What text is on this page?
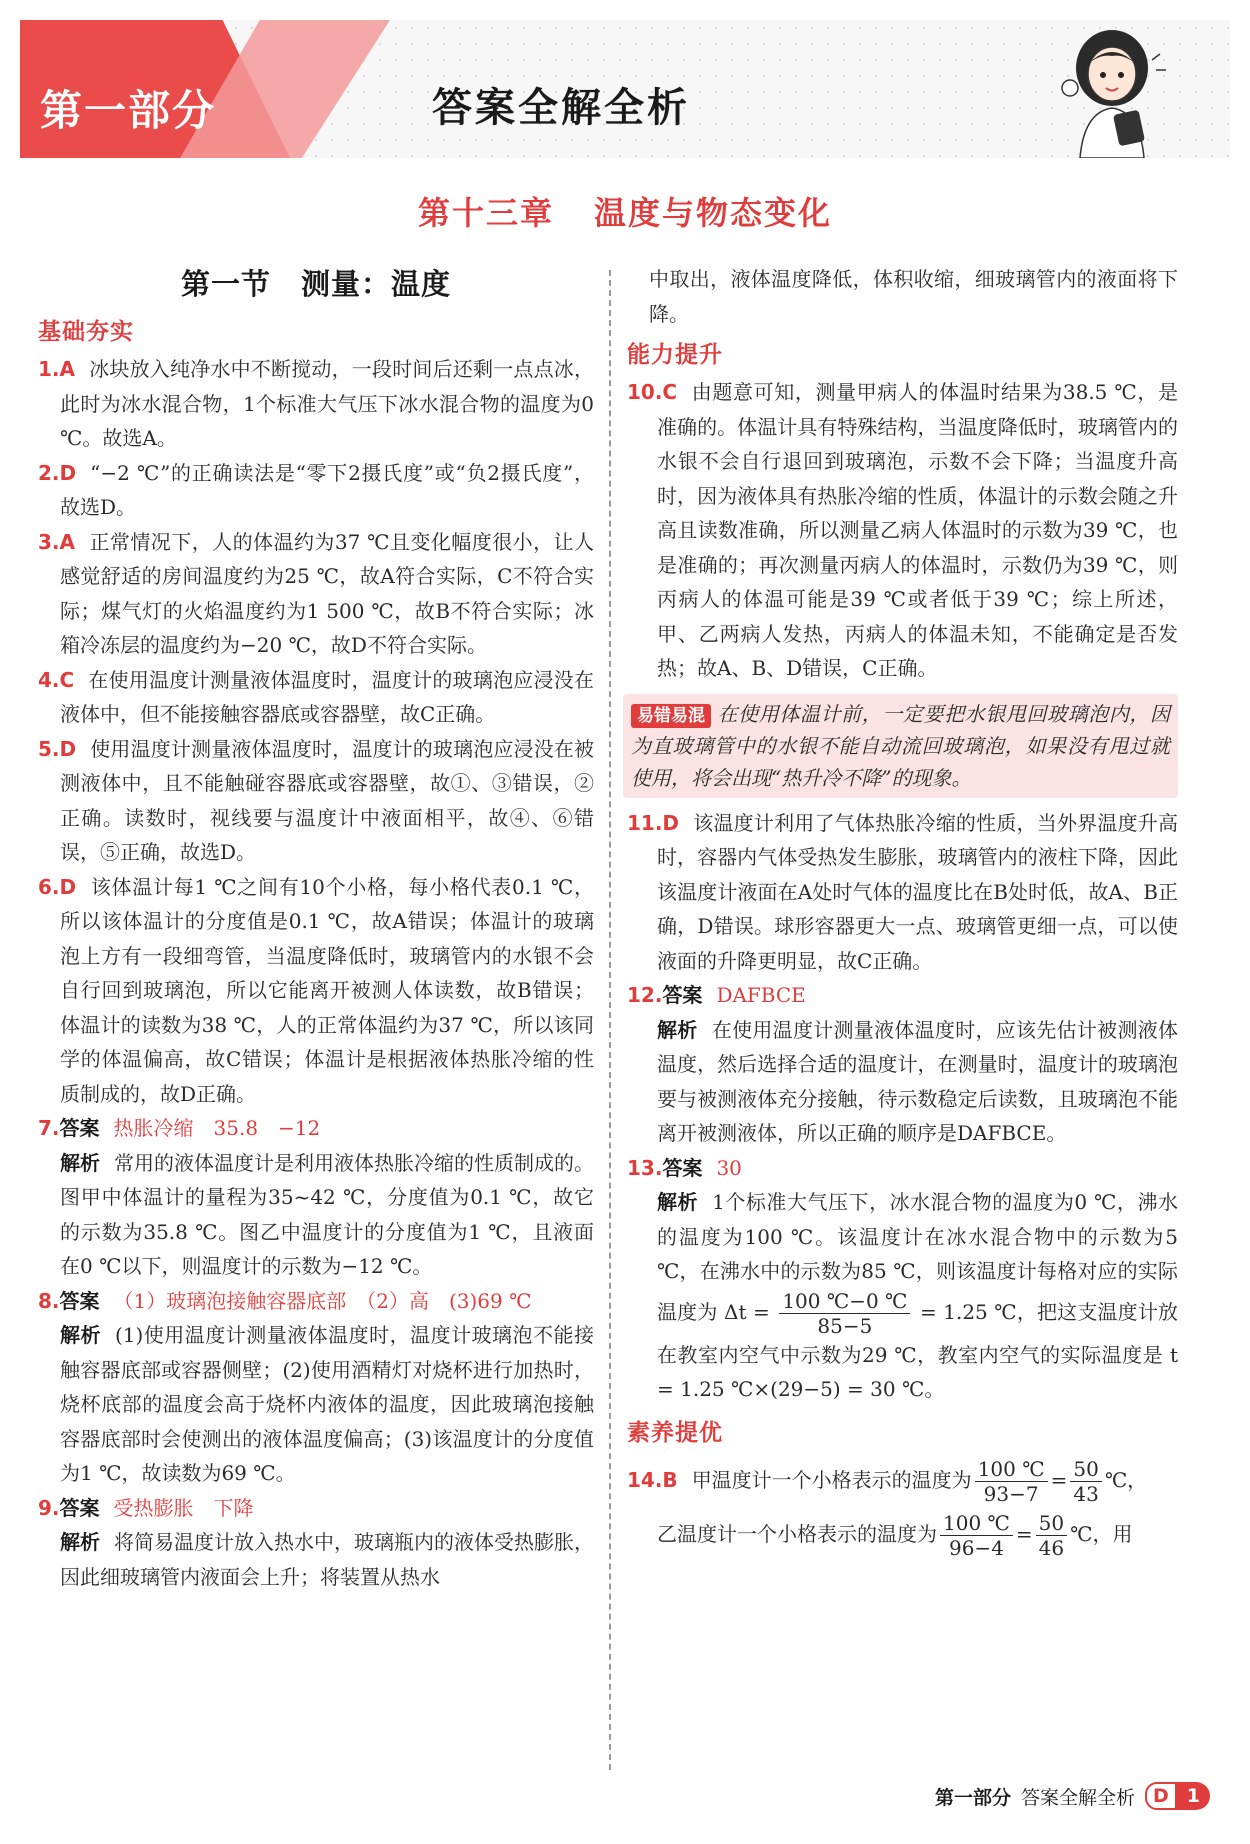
第一部分	答案全解全析
第十三章 温度与物态变化
第一节　测量：温度
基础夯实

1.A 冰块放入纯净水中不断搅动，一段时间后还剩一点点冰，此时为冰水混合物，1个标准大气压下冰水混合物的温度为0 ℃。故选A。

2.D “−2 ℃”的正确读法是“零下2摄氏度”或“负2摄氏度”，故选D。

3.A 正常情况下，人的体温约为37 ℃且变化幅度很小，让人感觉舒适的房间温度约为25 ℃，故A符合实际，C不符合实际；煤气灯的火焰温度约为1 500 ℃，故B不符合实际；冰箱冷冻层的温度约为−20 ℃，故D不符合实际。

4.C 在使用温度计测量液体温度时，温度计的玻璃泡应浸没在液体中，但不能接触容器底或容器壁，故C正确。

5.D 使用温度计测量液体温度时，温度计的玻璃泡应浸没在被测液体中，且不能触碰容器底或容器壁，故①、③错误，②正确。读数时，视线要与温度计中液面相平，故④、⑥错误，⑤正确，故选D。

6.D 该体温计每1 ℃之间有10个小格，每小格代表0.1 ℃，所以该体温计的分度值是0.1 ℃，故A错误；体温计的玻璃泡上方有一段细弯管，当温度降低时，玻璃管内的水银不会自行回到玻璃泡，所以它能离开被测人体读数，故B错误；体温计的读数为38 ℃，人的正常体温约为37 ℃，所以该同学的体温偏高，故C错误；体温计是根据液体热胀冷缩的性质制成的，故D正确。

7.答案 热胀冷缩　35.8　−12

解析 常用的液体温度计是利用液体热胀冷缩的性质制成的。图甲中体温计的量程为35~42 ℃，分度值为0.1 ℃，故它的示数为35.8 ℃。图乙中温度计的分度值为1 ℃，且液面在0 ℃以下，则温度计的示数为−12 ℃。

8.答案 （1）玻璃泡接触容器底部　（2）高　(3)69 ℃

解析 (1)使用温度计测量液体温度时，温度计玻璃泡不能接触容器底部或容器侧壁；(2)使用酒精灯对烧杯进行加热时，烧杯底部的温度会高于烧杯内液体的温度，因此玻璃泡接触容器底部时会使测出的液体温度偏高；(3)该温度计的分度值为1 ℃，故读数为69 ℃。

9.答案 受热膨胀　下降

解析 将简易温度计放入热水中，玻璃瓶内的液体受热膨胀，因此细玻璃管内液面会上升；将装置从热水

中取出，液体温度降低，体积收缩，细玻璃管内的液面将下降。

能力提升

10.C 由题意可知，测量甲病人的体温时结果为38.5 ℃，是准确的。体温计具有特殊结构，当温度降低时，玻璃管内的水银不会自行退回到玻璃泡，示数不会下降；当温度升高时，因为液体具有热胀冷缩的性质，体温计的示数会随之升高且读数准确，所以测量乙病人体温时的示数为39 ℃，也是准确的；再次测量丙病人的体温时，示数仍为39 ℃，则丙病人的体温可能是39 ℃或者低于39 ℃；综上所述，甲、乙两病人发热，丙病人的体温未知，不能确定是否发热；故A、B、D错误，C正确。

易错易混 在使用体温计前，一定要把水银甩回玻璃泡内，因为直玻璃管中的水银不能自动流回玻璃泡，如果没有甩过就使用，将会出现“热升冷不降”的现象。

11.D 该温度计利用了气体热胀冷缩的性质，当外界温度升高时，容器内气体受热发生膨胀，玻璃管内的液柱下降，因此该温度计液面在A处时气体的温度比在B处时低，故A、B正确，D错误。球形容器更大一点、玻璃管更细一点，可以使液面的升降更明显，故C正确。

12.答案 DAFBCE

解析 在使用温度计测量液体温度时，应该先估计被测液体温度，然后选择合适的温度计，在测量时，温度计的玻璃泡要与被测液体充分接触，待示数稳定后读数，且玻璃泡不能离开被测液体，所以正确的顺序是DAFBCE。

13.答案 30

解析 1个标准大气压下，冰水混合物的温度为0 ℃，沸水的温度为100 ℃。该温度计在冰水混合物中的示数为5 ℃，在沸水中的示数为85 ℃，则该温度计每格对应的实际温度为 $\Delta t = \frac{100 ℃-0 ℃}{85-5} = 1.25$ ℃，把这支温度计放在教室内空气中示数为29 ℃，教室内空气的实际温度是 t = 1.25 ℃×(29−5) = 30 ℃。

素养提优

14.B 甲温度计一个小格表示的温度为 $\frac{100 ℃}{93-7} = \frac{50}{43}$ ℃，
乙温度计一个小格表示的温度为 $\frac{100 ℃}{96-4} = \frac{50}{46}$ ℃，用

第一部分 答案全解全析 D 1
